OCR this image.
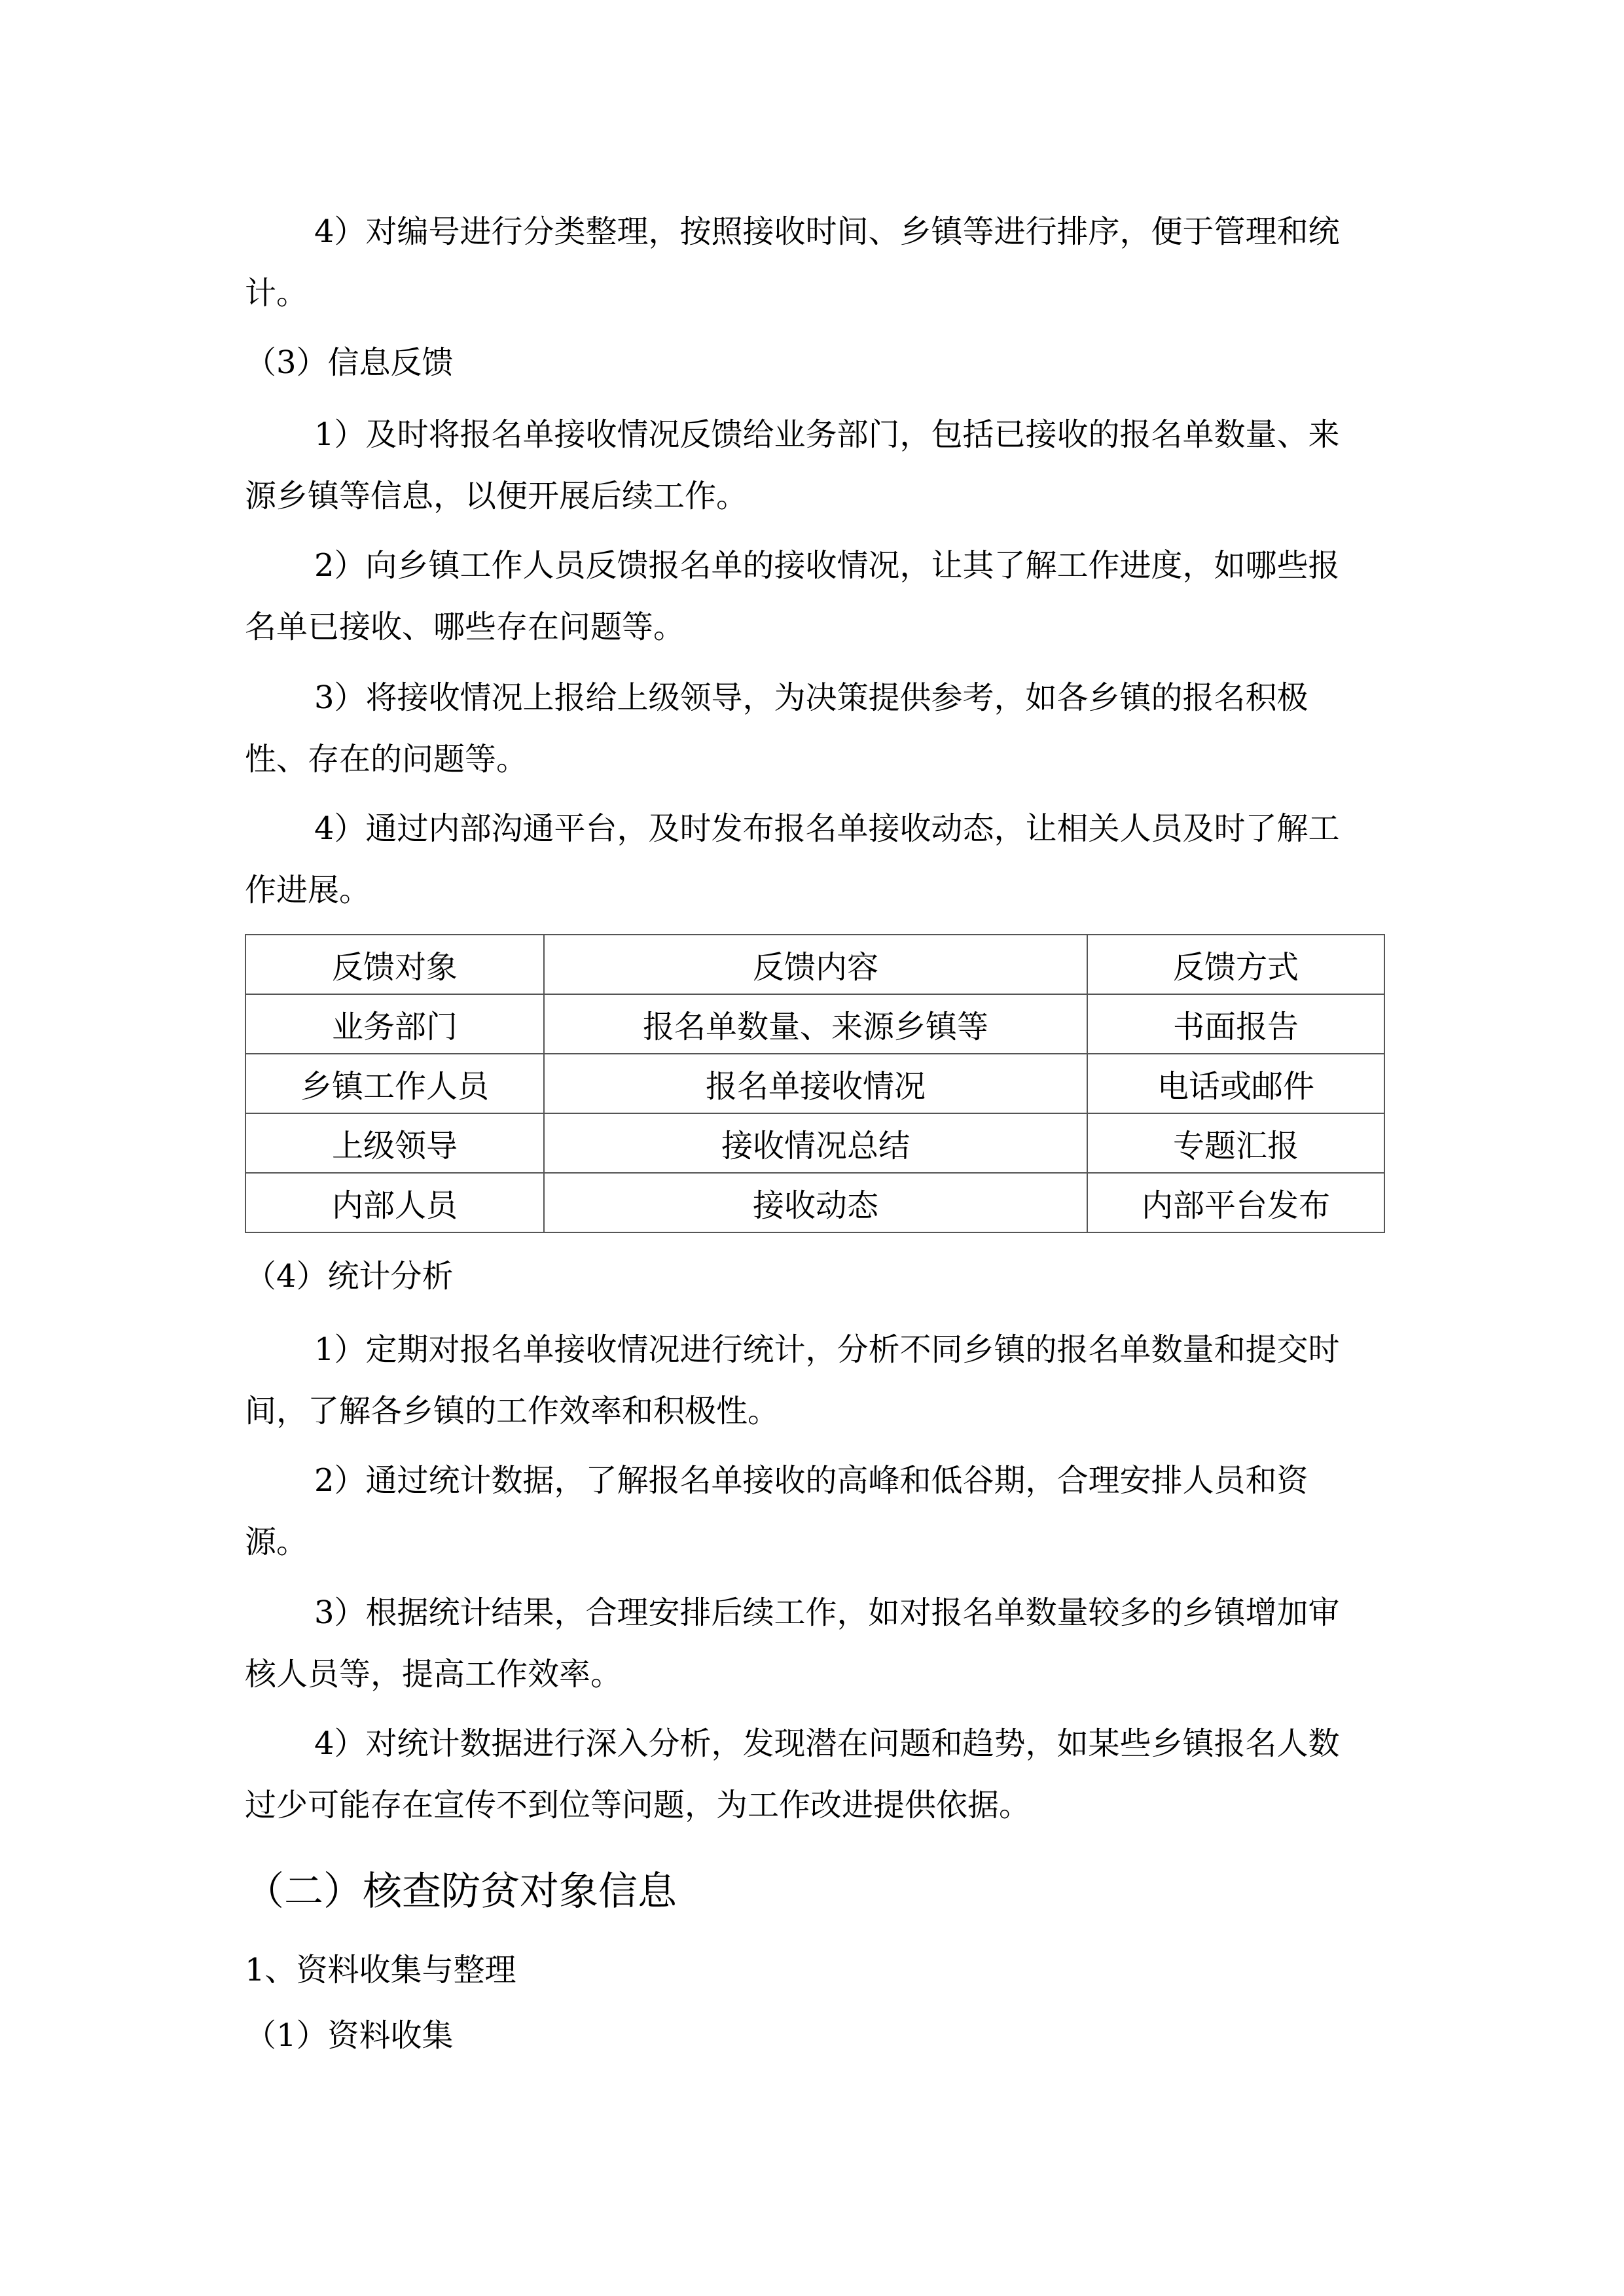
4）对编号进行分类整理，按照接收时间、乡镇等进行排序，便于管理和统

计。

（3）信息反馈

1）及时将报名单接收情况反馈给业务部门，包括已接收的报名单数量、来

源乡镇等信息，以便开展后续工作。

2）向乡镇工作人员反馈报名单的接收情况，让其了解工作进度，如哪些报

名单已接收、哪些存在问题等。

3）将接收情况上报给上级领导，为决策提供参考，如各乡镇的报名积极

性、存在的问题等。

4）通过内部沟通平台，及时发布报名单接收动态，让相关人员及时了解工

作进展。

反馈对象	反馈内容	反馈方式
业务部门	报名单数量、来源乡镇等	书面报告
乡镇工作人员	报名单接收情况	电话或邮件
上级领导	接收情况总结	专题汇报
内部人员	接收动态	内部平台发布

（4）统计分析

1）定期对报名单接收情况进行统计，分析不同乡镇的报名单数量和提交时

间，了解各乡镇的工作效率和积极性。

2）通过统计数据，了解报名单接收的高峰和低谷期，合理安排人员和资

源。

3）根据统计结果，合理安排后续工作，如对报名单数量较多的乡镇增加审

核人员等，提高工作效率。

4）对统计数据进行深入分析，发现潜在问题和趋势，如某些乡镇报名人数

过少可能存在宣传不到位等问题，为工作改进提供依据。

（二）核查防贫对象信息

1、资料收集与整理

（1）资料收集
